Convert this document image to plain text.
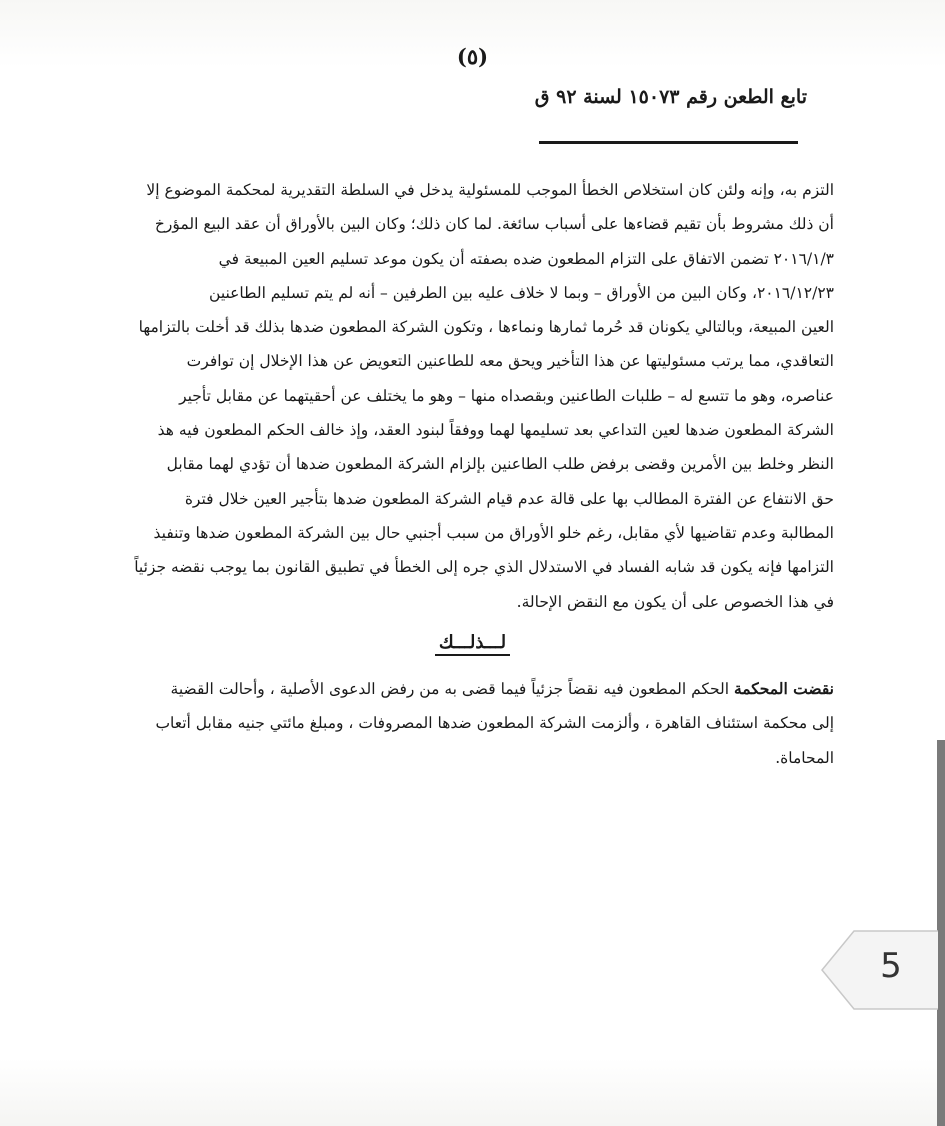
(٥)
تابع الطعن رقم ١٥٠٧٣ لسنة ٩٢ ق
التزم به، وإنه ولئن كان استخلاص الخطأ الموجب للمسئولية يدخل في السلطة التقديرية لمحكمة الموضوع إلا
أن ذلك مشروط بأن تقيم قضاءها على أسباب سائغة. لما كان ذلك؛ وكان البين بالأوراق أن عقد البيع المؤرخ
٢٠١٦/١/٣ تضمن الاتفاق على التزام المطعون ضده بصفته أن يكون موعد تسليم العين المبيعة في
٢٠١٦/١٢/٢٣، وكان البين من الأوراق – وبما لا خلاف عليه بين الطرفين – أنه لم يتم تسليم الطاعنين
العين المبيعة، وبالتالي يكونان قد حُرما ثمارها ونماءها ، وتكون الشركة المطعون ضدها بذلك قد أخلت بالتزامها
التعاقدي، مما يرتب مسئوليتها عن هذا التأخير ويحق معه للطاعنين التعويض عن هذا الإخلال إن توافرت
عناصره، وهو ما تتسع له – طلبات الطاعنين وبقصداه منها – وهو ما يختلف عن أحقيتهما عن مقابل تأجير
الشركة المطعون ضدها لعين التداعي بعد تسليمها لهما ووفقاً لبنود العقد، وإذ خالف الحكم المطعون فيه هذ
النظر وخلط بين الأمرين وقضى برفض طلب الطاعنين بإلزام الشركة المطعون ضدها أن تؤدي لهما مقابل
حق الانتفاع عن الفترة المطالب بها على قالة عدم قيام الشركة المطعون ضدها بتأجير العين خلال فترة
المطالبة وعدم تقاضيها لأي مقابل، رغم خلو الأوراق من سبب أجنبي حال بين الشركة المطعون ضدها وتنفيذ
التزامها فإنه يكون قد شابه الفساد في الاستدلال الذي جره إلى الخطأ في تطبيق القانون بما يوجب نقضه جزئياً
في هذا الخصوص على أن يكون مع النقض الإحالة.
لـــذلـــك
نقضت المحكمة الحكم المطعون فيه نقضاً جزئياً فيما قضى به من رفض الدعوى الأصلية ، وأحالت القضية
إلى محكمة استئناف القاهرة ، وألزمت الشركة المطعون ضدها المصروفات ، ومبلغ مائتي جنيه مقابل أتعاب
المحاماة.
5
